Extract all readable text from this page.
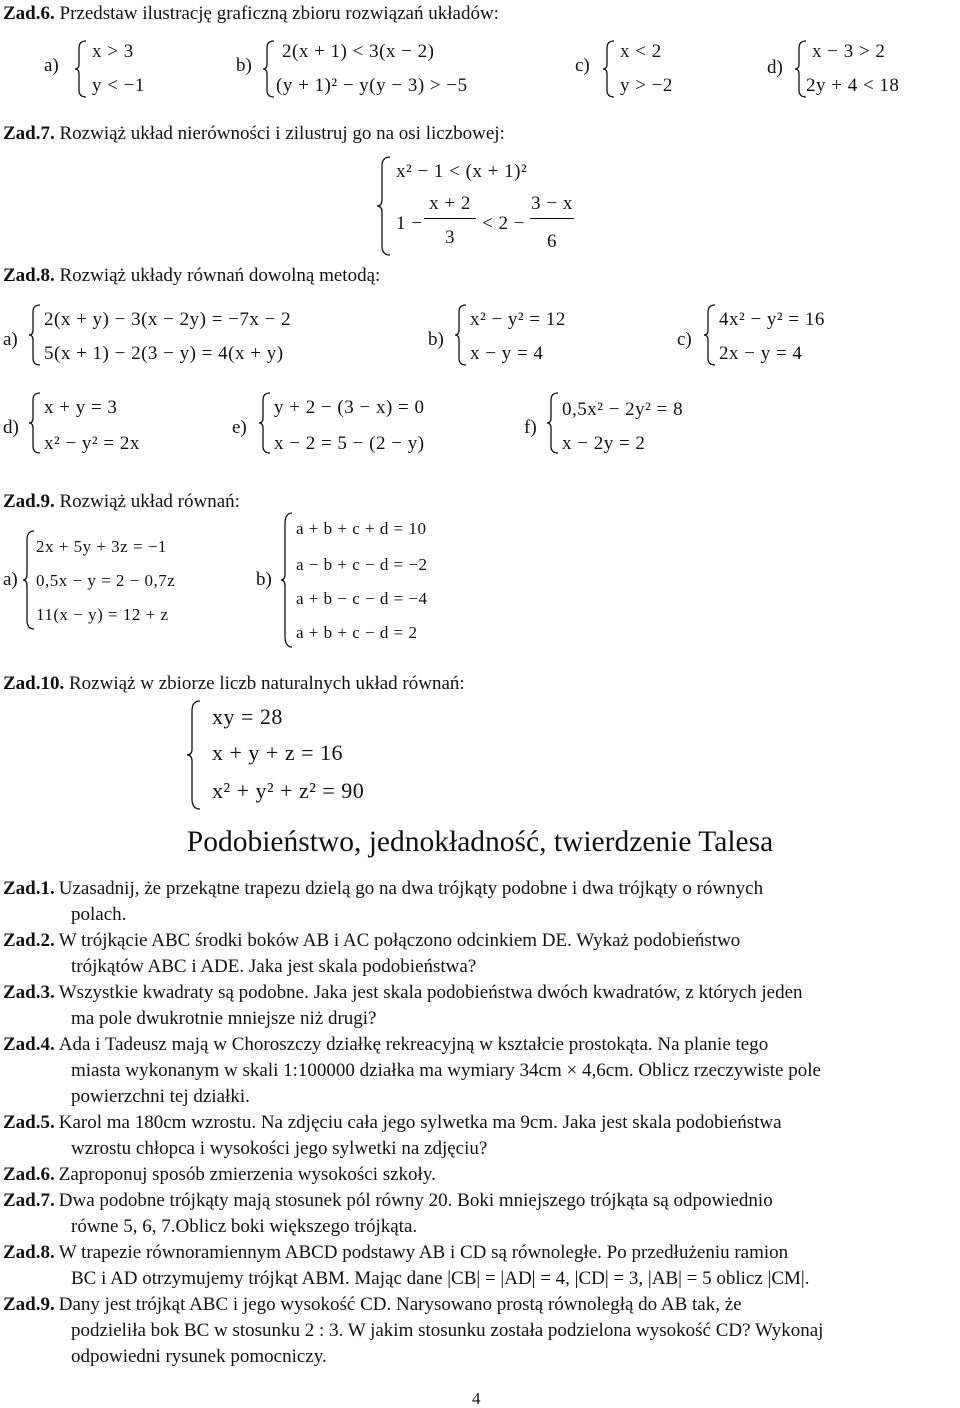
Zad.6. Przedstaw ilustrację graficzną zbioru rozwiązań układów:
a)
x > 3
y < −1
b)
2(x + 1) < 3(x − 2)
(y + 1)² − y(y − 3) > −5
c)
x < 2
y > −2
d)
x − 3 > 2
2y + 4 < 18
Zad.7. Rozwiąż układ nierówności i zilustruj go na osi liczbowej:
x² − 1 < (x + 1)²
1 −
x + 2
3
< 2 −
3 − x
6
Zad.8. Rozwiąż układy równań dowolną metodą:
a)
2(x + y) − 3(x − 2y) = −7x − 2
5(x + 1) − 2(3 − y) = 4(x + y)
b)
x² − y² = 12
x − y = 4
c)
4x² − y² = 16
2x − y = 4
d)
x + y = 3
x² − y² = 2x
e)
y + 2 − (3 − x) = 0
x − 2 = 5 − (2 − y)
f)
0,5x² − 2y² = 8
x − 2y = 2
Zad.9. Rozwiąż układ równań:
a)
2x + 5y + 3z = −1
0,5x − y = 2 − 0,7z
11(x − y) = 12 + z
b)
a + b + c + d = 10
a − b + c − d = −2
a + b − c − d = −4
a + b + c − d = 2
Zad.10. Rozwiąż w zbiorze liczb naturalnych układ równań:
xy = 28
x + y + z = 16
x² + y² + z² = 90
Podobieństwo, jednokładność, twierdzenie Talesa
Zad.1. Uzasadnij, że przekątne trapezu dzielą go na dwa trójkąty podobne i dwa trójkąty o równych
polach.
Zad.2. W trójkącie ABC środki boków AB i AC połączono odcinkiem DE. Wykaż podobieństwo
trójkątów ABC i ADE. Jaka jest skala podobieństwa?
Zad.3. Wszystkie kwadraty są podobne. Jaka jest skala podobieństwa dwóch kwadratów, z których jeden
ma pole dwukrotnie mniejsze niż drugi?
Zad.4. Ada i Tadeusz mają w Choroszczy działkę rekreacyjną w kształcie prostokąta. Na planie tego
miasta wykonanym w skali 1:100000 działka ma wymiary 34cm × 4,6cm. Oblicz rzeczywiste pole
powierzchni tej działki.
Zad.5. Karol ma 180cm wzrostu. Na zdjęciu cała jego sylwetka ma 9cm. Jaka jest skala podobieństwa
wzrostu chłopca i wysokości jego sylwetki na zdjęciu?
Zad.6. Zaproponuj sposób zmierzenia wysokości szkoły.
Zad.7. Dwa podobne trójkąty mają stosunek pól równy 20. Boki mniejszego trójkąta są odpowiednio
równe 5, 6, 7.Oblicz boki większego trójkąta.
Zad.8. W trapezie równoramiennym ABCD podstawy AB i CD są równoległe. Po przedłużeniu ramion
BC i AD otrzymujemy trójkąt ABM. Mając dane |CB| = |AD| = 4, |CD| = 3, |AB| = 5 oblicz |CM|.
Zad.9. Dany jest trójkąt ABC i jego wysokość CD. Narysowano prostą równoległą do AB tak, że
podzieliła bok BC w stosunku 2 : 3. W jakim stosunku została podzielona wysokość CD? Wykonaj
odpowiedni rysunek pomocniczy.
4
